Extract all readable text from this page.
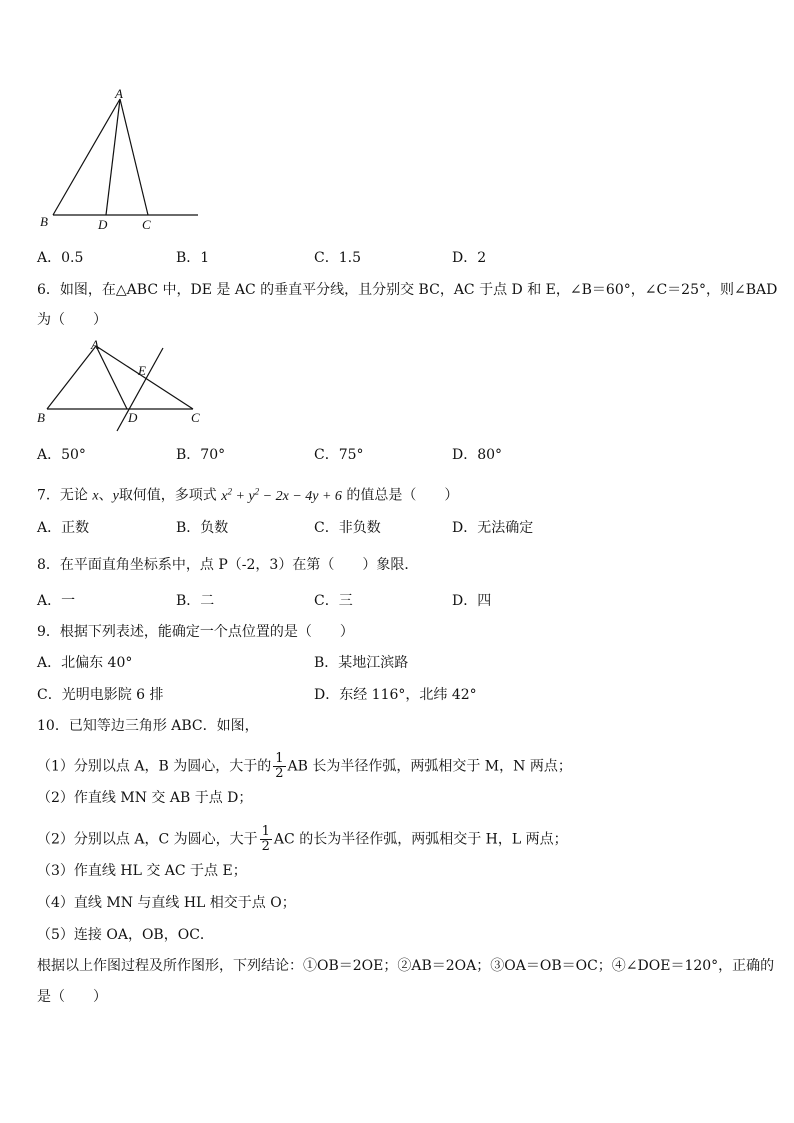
A
B	D	C
A．0.5	B．1	C．1.5	D．2
6．如图，在△ABC 中，DE 是 AC 的垂直平分线，且分别交 BC，AC 于点 D 和 E，∠B＝60°，∠C＝25°，则∠BAD
为（　　）
A
E
B	D	C
A．50°	B．70°	C．75°	D．80°
7．无论 x、y取何值，多项式 $x^2 + y^2 - 2x - 4y + 6$ 的值总是（　　）
A．正数	B．负数	C．非负数	D．无法确定
8．在平面直角坐标系中，点 P（-2，3）在第（　　）象限．
A．一	B．二	C．三	D．四
9．根据下列表述，能确定一个点位置的是（　　）
A．北偏东 40°	B．某地江滨路
C．光明电影院 6 排	D．东经 116°，北纬 42°
10．已知等边三角形 ABC．如图，
（1）分别以点 A，B 为圆心，大于的 $\frac{1}{2}$ AB 长为半径作弧，两弧相交于 M，N 两点；
（2）作直线 MN 交 AB 于点 D；
（2）分别以点 A，C 为圆心，大于 $\frac{1}{2}$ AC 的长为半径作弧，两弧相交于 H，L 两点；
（3）作直线 HL 交 AC 于点 E；
（4）直线 MN 与直线 HL 相交于点 O；
（5）连接 OA，OB，OC．
根据以上作图过程及所作图形，下列结论：①OB＝2OE；②AB＝2OA；③OA＝OB＝OC；④∠DOE＝120°，正确的
是（　　）
